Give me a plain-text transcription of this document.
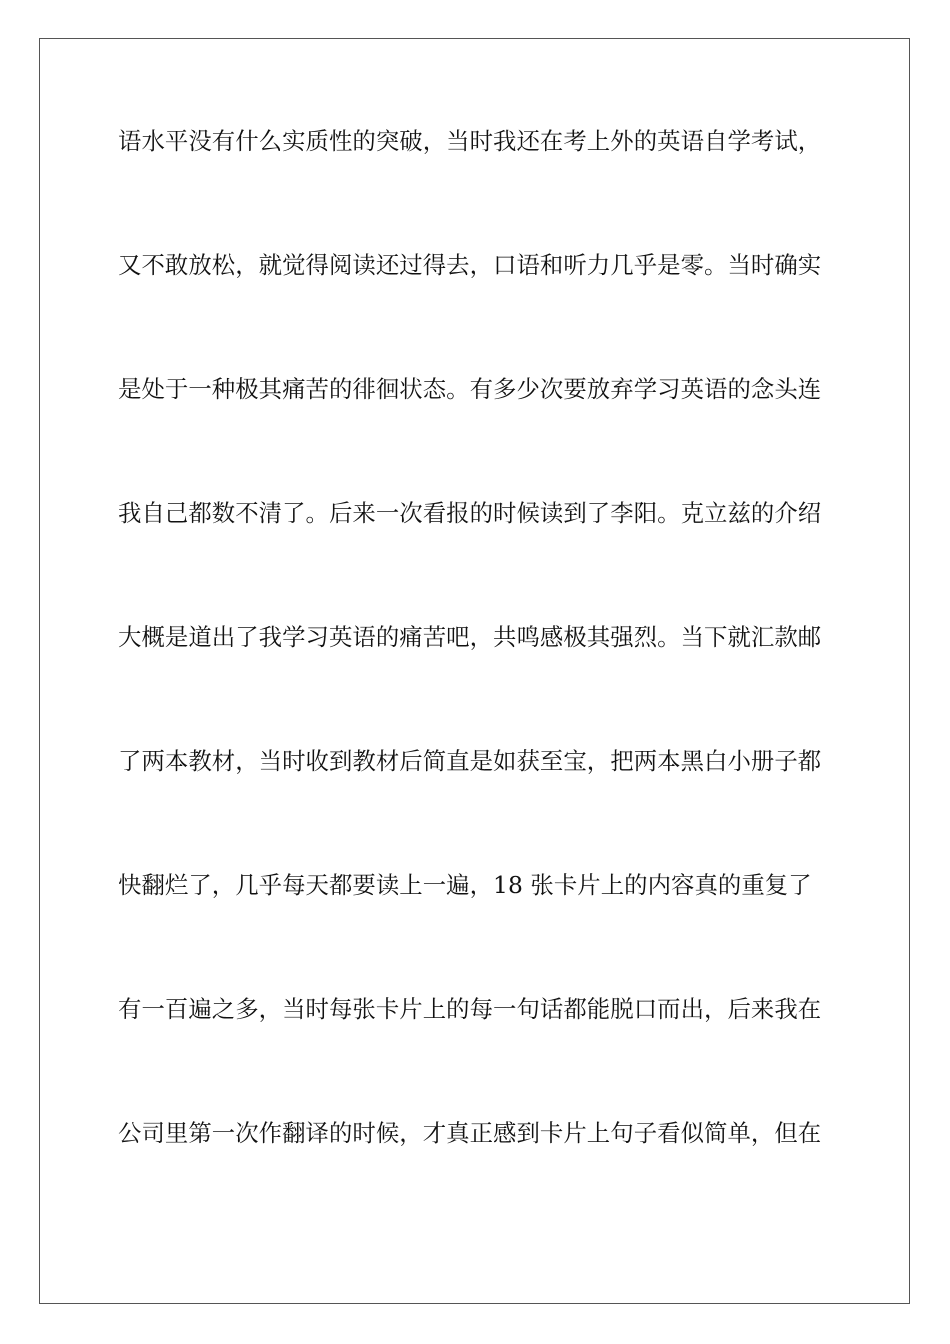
语水平没有什么实质性的突破，当时我还在考上外的英语自学考试，
又不敢放松，就觉得阅读还过得去，口语和听力几乎是零。当时确实
是处于一种极其痛苦的徘徊状态。有多少次要放弃学习英语的念头连
我自己都数不清了。后来一次看报的时候读到了李阳。克立兹的介绍
大概是道出了我学习英语的痛苦吧，共鸣感极其强烈。当下就汇款邮
了两本教材，当时收到教材后简直是如获至宝，把两本黑白小册子都
快翻烂了，几乎每天都要读上一遍，18 张卡片上的内容真的重复了
有一百遍之多，当时每张卡片上的每一句话都能脱口而出，后来我在
公司里第一次作翻译的时候，才真正感到卡片上句子看似简单，但在
